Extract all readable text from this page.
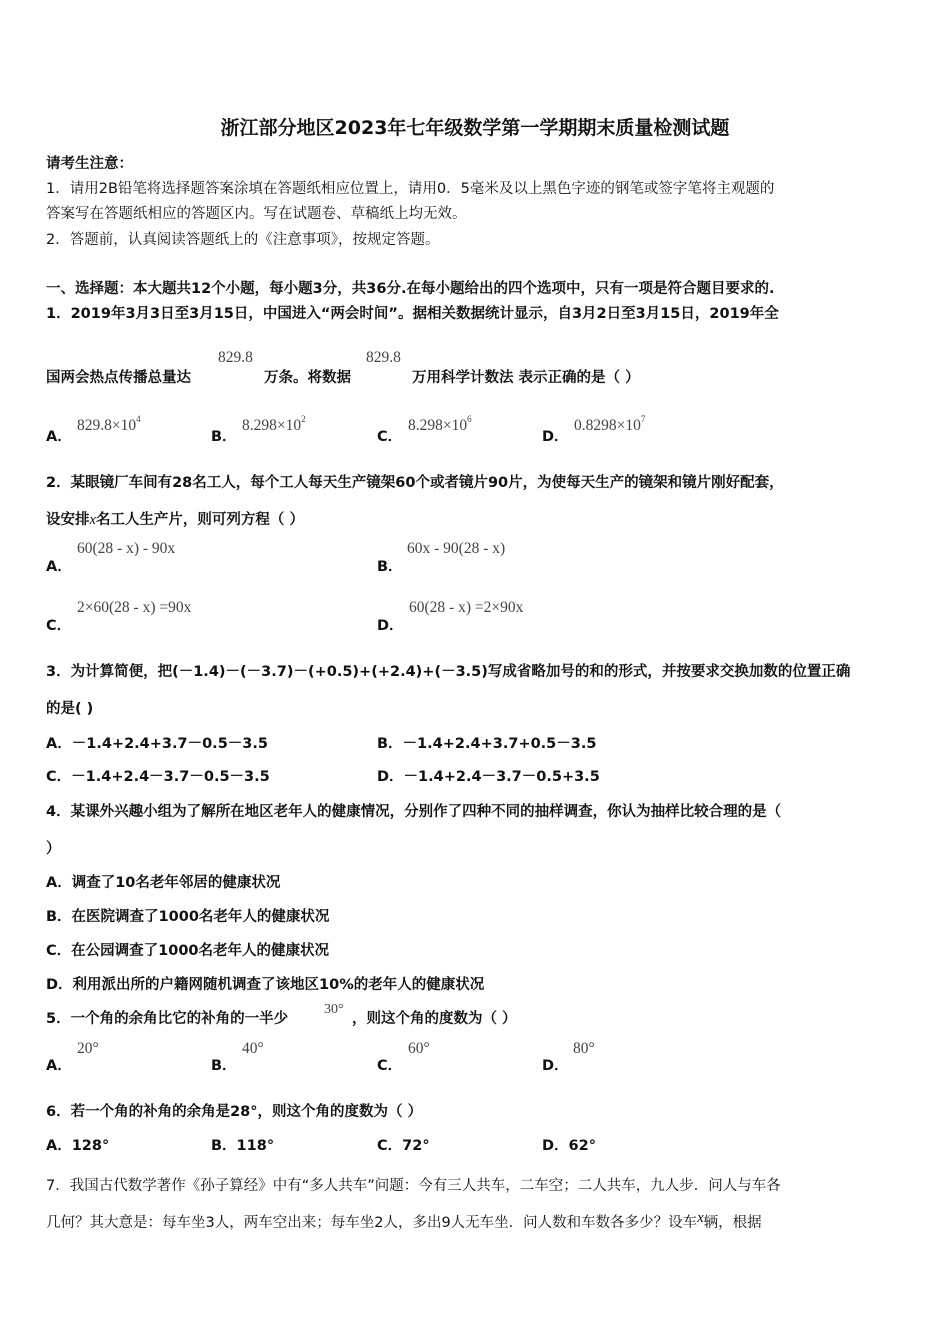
浙江部分地区2023年七年级数学第一学期期末质量检测试题
请考生注意：
1．请用2B铅笔将选择题答案涂填在答题纸相应位置上，请用0．5毫米及以上黑色字迹的钢笔或签字笔将主观题的
答案写在答题纸相应的答题区内。写在试题卷、草稿纸上均无效。
2．答题前，认真阅读答题纸上的《注意事项》，按规定答题。
一、选择题：本大题共12个小题，每小题3分，共36分.在每小题给出的四个选项中，只有一项是符合题目要求的.
1．2019年3月3日至3月15日，中国进入“两会时间”。据相关数据统计显示，自3月2日至3月15日，2019年全
国两会热点传播总量达
829.8
万条。将数据
829.8
万用科学计数法 表示正确的是（ ）
A．
$829.8\times 10^4$
B．
$8.298\times 10^2$
C．
$8.298\times 10^6$
D．
$0.8298\times 10^7$
2．某眼镜厂车间有28名工人，每个工人每天生产镜架60个或者镜片90片，为使每天生产的镜架和镜片刚好配套，
设安排x名工人生产片，则可列方程（ ）
A．
60(28 - x) - 90x
B．
60x - 90(28 - x)
C．
2×60(28 - x) =90x
D．
60(28 - x) =2×90x
3．为计算简便，把(－1.4)－(－3.7)－(+0.5)+(+2.4)+(－3.5)写成省略加号的和的形式，并按要求交换加数的位置正确
的是( )
A．－1.4+2.4+3.7－0.5－3.5	B．－1.4+2.4+3.7+0.5－3.5
C．－1.4+2.4－3.7－0.5－3.5	D．－1.4+2.4－3.7－0.5+3.5
4．某课外兴趣小组为了解所在地区老年人的健康情况，分别作了四种不同的抽样调查，你认为抽样比较合理的是（
）
A．调查了10名老年邻居的健康状况
B．在医院调查了1000名老年人的健康状况
C．在公园调查了1000名老年人的健康状况
D．利用派出所的户籍网随机调查了该地区10%的老年人的健康状况
5．一个角的余角比它的补角的一半少
30°
，则这个角的度数为（ ）
A．
20°
B．
40°
C．
60°
D．
80°
6．若一个角的补角的余角是28°，则这个角的度数为（ ）
A．128°	B．118°	C．72°	D．62°
7．我国古代数学著作《孙子算经》中有“多人共车”问题：今有三人共车，二车空；二人共车，九人步．问人与车各
几何？其大意是：每车坐3人，两车空出来；每车坐2人，多出9人无车坐．问人数和车数各多少？设车x辆，根据
